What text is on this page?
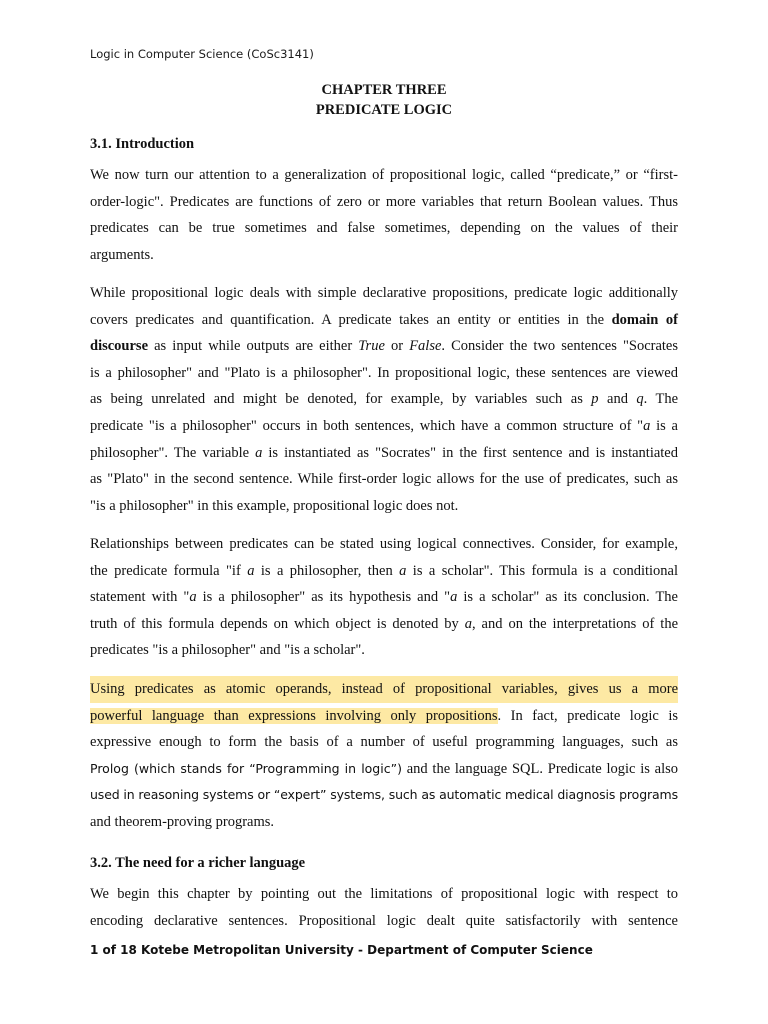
Logic in Computer Science (CoSc3141)
CHAPTER THREE
PREDICATE LOGIC
3.1. Introduction
We now turn our attention to a generalization of propositional logic, called “predicate,” or “first-
order-logic". Predicates are functions of zero or more variables that return Boolean values. Thus
predicates can be true sometimes and false sometimes, depending on the values of their
arguments.
While propositional logic deals with simple declarative propositions, predicate logic additionally
covers predicates and quantification. A predicate takes an entity or entities in the domain of
discourse as input while outputs are either True or False. Consider the two sentences "Socrates
is a philosopher" and "Plato is a philosopher". In propositional logic, these sentences are viewed
as being unrelated and might be denoted, for example, by variables such as p and q. The
predicate "is a philosopher" occurs in both sentences, which have a common structure of "a is a
philosopher". The variable a is instantiated as "Socrates" in the first sentence and is instantiated
as "Plato" in the second sentence. While first-order logic allows for the use of predicates, such as
"is a philosopher" in this example, propositional logic does not.
Relationships between predicates can be stated using logical connectives. Consider, for example,
the predicate formula "if a is a philosopher, then a is a scholar". This formula is a conditional
statement with "a is a philosopher" as its hypothesis and "a is a scholar" as its conclusion. The
truth of this formula depends on which object is denoted by a, and on the interpretations of the
predicates "is a philosopher" and "is a scholar".
Using predicates as atomic operands, instead of propositional variables, gives us a more
powerful language than expressions involving only propositions. In fact, predicate logic is
expressive enough to form the basis of a number of useful programming languages, such as
Prolog (which stands for “Programming in logic”) and the language SQL. Predicate logic is also
used in reasoning systems or “expert” systems, such as automatic medical diagnosis programs
and theorem-proving programs.
3.2. The need for a richer language
We begin this chapter by pointing out the limitations of propositional logic with respect to
encoding declarative sentences. Propositional logic dealt quite satisfactorily with sentence
1 of 18 Kotebe Metropolitan University - Department of Computer Science
